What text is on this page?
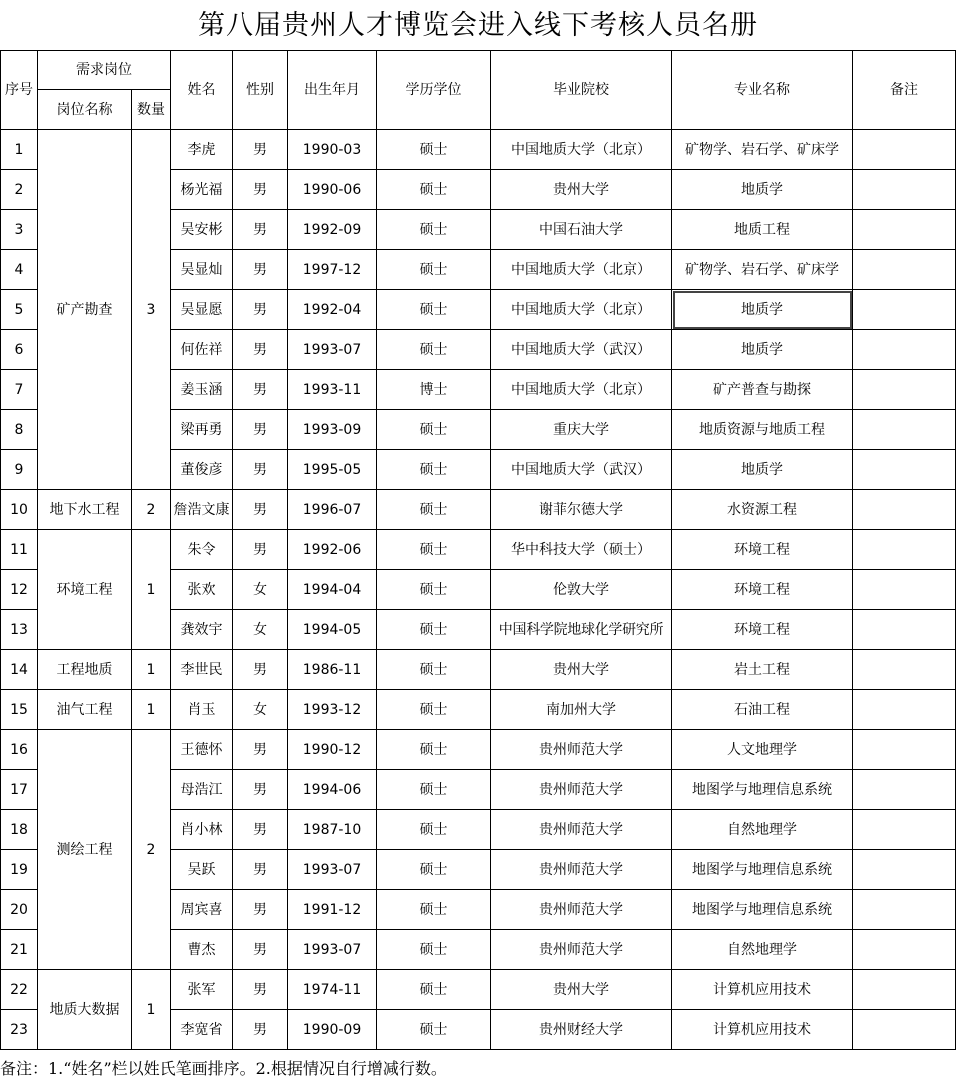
第八届贵州人才博览会进入线下考核人员名册
序号	需求岗位		姓名	性别	出生年月	学历学位	毕业院校	专业名称	备注
	岗位名称	数量							
1	矿产勘查	3	李虎	男	1990-03	硕士	中国地质大学（北京）	矿物学、岩石学、矿床学	
2			杨光福	男	1990-06	硕士	贵州大学	地质学	
3			吴安彬	男	1992-09	硕士	中国石油大学	地质工程	
4			吴显灿	男	1997-12	硕士	中国地质大学（北京）	矿物学、岩石学、矿床学	
5			吴显愿	男	1992-04	硕士	中国地质大学（北京）	地质学	
6			何佐祥	男	1993-07	硕士	中国地质大学（武汉）	地质学	
7			姜玉涵	男	1993-11	博士	中国地质大学（北京）	矿产普查与勘探	
8			梁再勇	男	1993-09	硕士	重庆大学	地质资源与地质工程	
9			董俊彦	男	1995-05	硕士	中国地质大学（武汉）	地质学	
10	地下水工程	2	詹浩文康	男	1996-07	硕士	谢菲尔德大学	水资源工程	
11	环境工程	1	朱令	男	1992-06	硕士	华中科技大学（硕士）	环境工程	
12			张欢	女	1994-04	硕士	伦敦大学	环境工程	
13			龚效宇	女	1994-05	硕士	中国科学院地球化学研究所	环境工程	
14	工程地质	1	李世民	男	1986-11	硕士	贵州大学	岩土工程	
15	油气工程	1	肖玉	女	1993-12	硕士	南加州大学	石油工程	
16	测绘工程	2	王德怀	男	1990-12	硕士	贵州师范大学	人文地理学	
17			母浩江	男	1994-06	硕士	贵州师范大学	地图学与地理信息系统	
18			肖小林	男	1987-10	硕士	贵州师范大学	自然地理学	
19			吴跃	男	1993-07	硕士	贵州师范大学	地图学与地理信息系统	
20			周宾喜	男	1991-12	硕士	贵州师范大学	地图学与地理信息系统	
21			曹杰	男	1993-07	硕士	贵州师范大学	自然地理学	
22	地质大数据	1	张军	男	1974-11	硕士	贵州大学	计算机应用技术	
23			李宽省	男	1990-09	硕士	贵州财经大学	计算机应用技术	
备注：1.“姓名”栏以姓氏笔画排序。2.根据情况自行增减行数。
